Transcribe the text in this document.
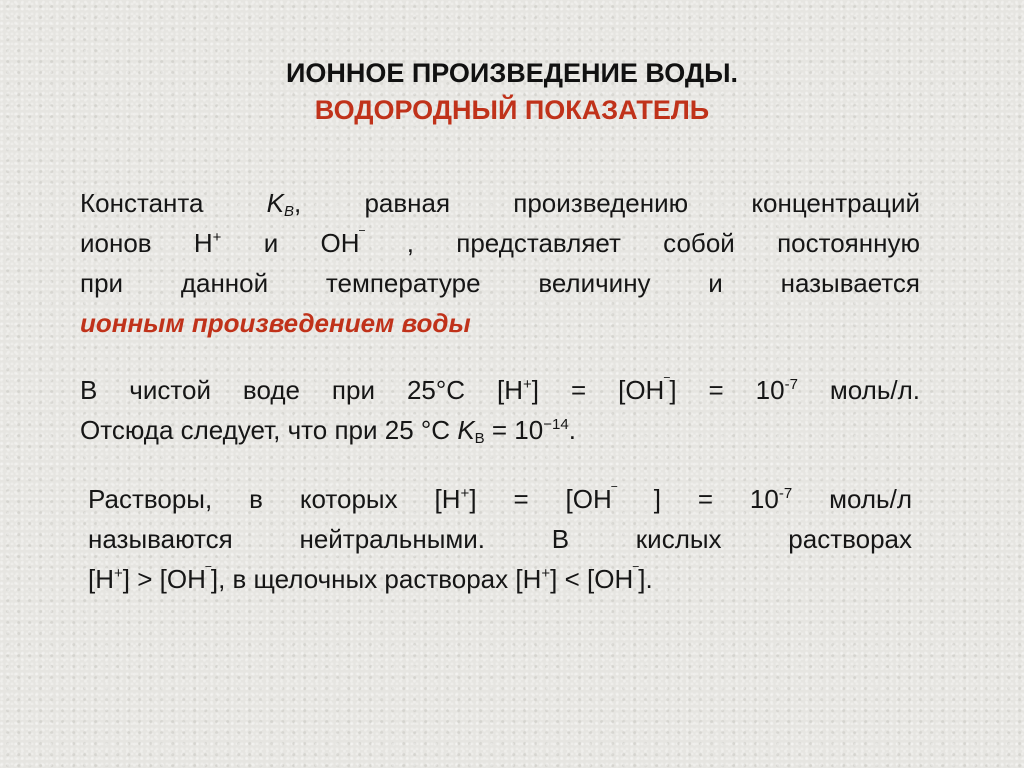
ИОННОЕ ПРОИЗВЕДЕНИЕ ВОДЫ.
ВОДОРОДНЫЙ ПОКАЗАТЕЛЬ
Константа $K_B$, равная произведению концентраций
ионов H+ и OH‾ , представляет собой постоянную
при данной температуре величину и называется
ионным произведением воды
В чистой воде при 25°С $[H^+] = [OH^‾] = 10^{-7}$ моль/л.
Отсюда следует, что при 25 °С $K_B = 10^{-14}$.
Растворы, в которых [H+] = [OH‾ ] = $10^{-7}$ моль/л
называются нейтральными. В кислых растворах
[H+] > [OH‾], в щелочных растворах [H+] < [OH‾].
